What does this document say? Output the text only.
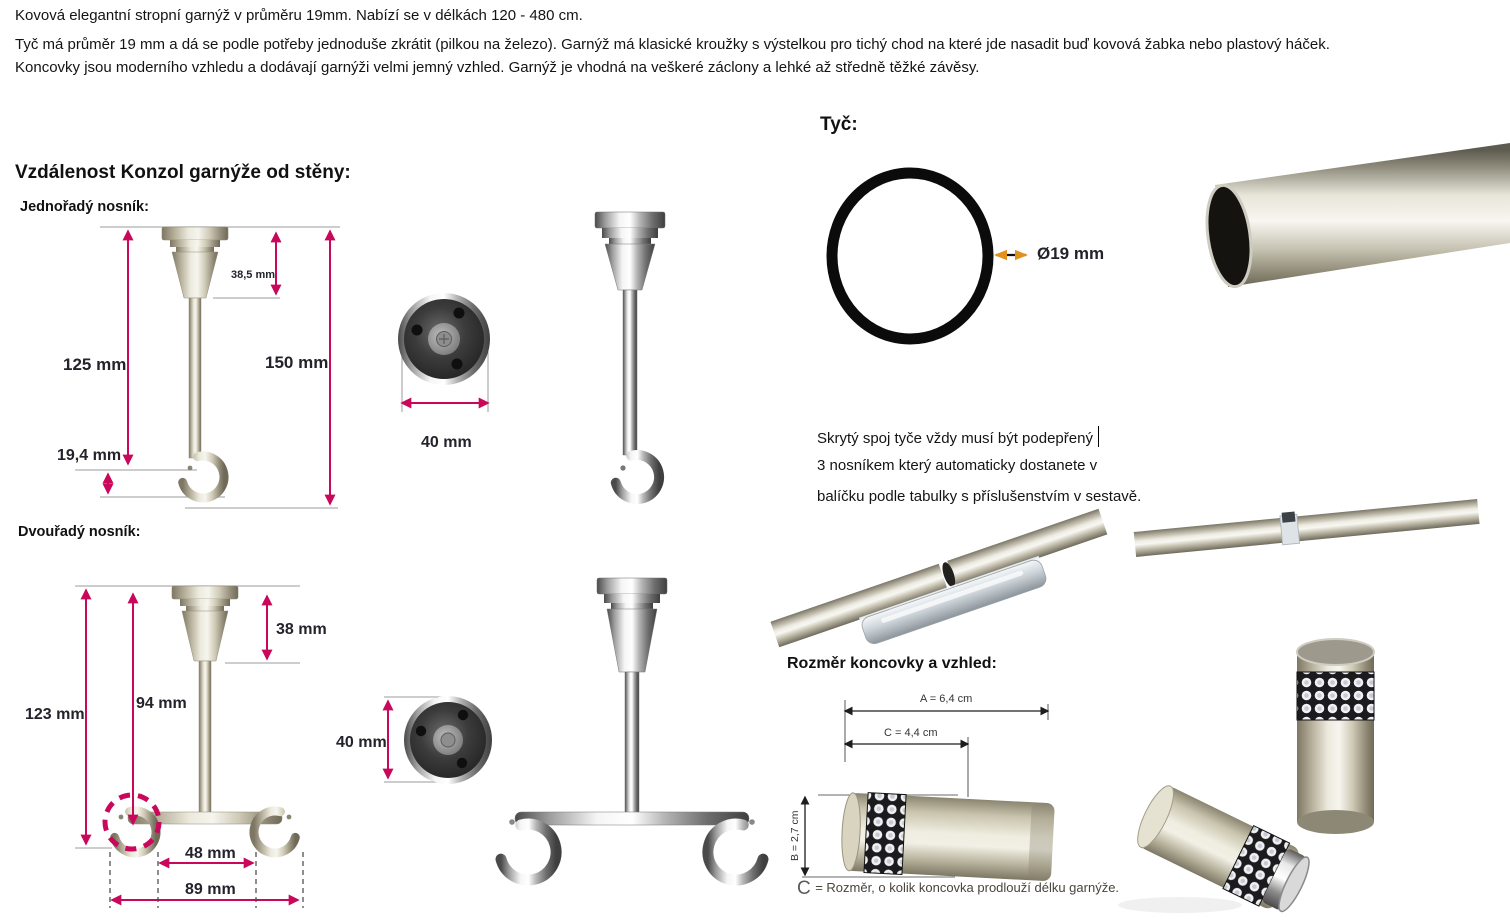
Kovová elegantní stropní garnýž v průměru 19mm. Nabízí se v délkách 120 - 480 cm.
Tyč má průměr 19 mm a dá se podle potřeby jednoduše zkrátit (pilkou na železo). Garnýž má klasické kroužky s výstelkou pro tichý chod na které jde nasadit buď kovová žabka nebo plastový háček.
Koncovky jsou moderního vzhledu a dodávají garnýži velmi jemný vzhled. Garnýž je vhodná na veškeré záclony a lehké až středně těžké závěsy.
Vzdálenost Konzol garnýže od stěny:
Jednořadý nosník:
38,5 mm
125 mm	150 mm
19,4 mm
40 mm
Dvouřadý nosník:
38 mm
94 mm
123 mm
40 mm
48 mm
89 mm
Tyč:
Ø19 mm
Skrytý spoj tyče vždy musí být podepřený
3 nosníkem který automaticky dostanete v
balíčku podle tabulky s příslušenstvím v sestavě.
Rozměr koncovky a vzhled:
A = 6,4 cm
C = 4,4 cm
B = 2,7 cm
C = Rozměr, o kolik koncovka prodlouží délku garnýže.
